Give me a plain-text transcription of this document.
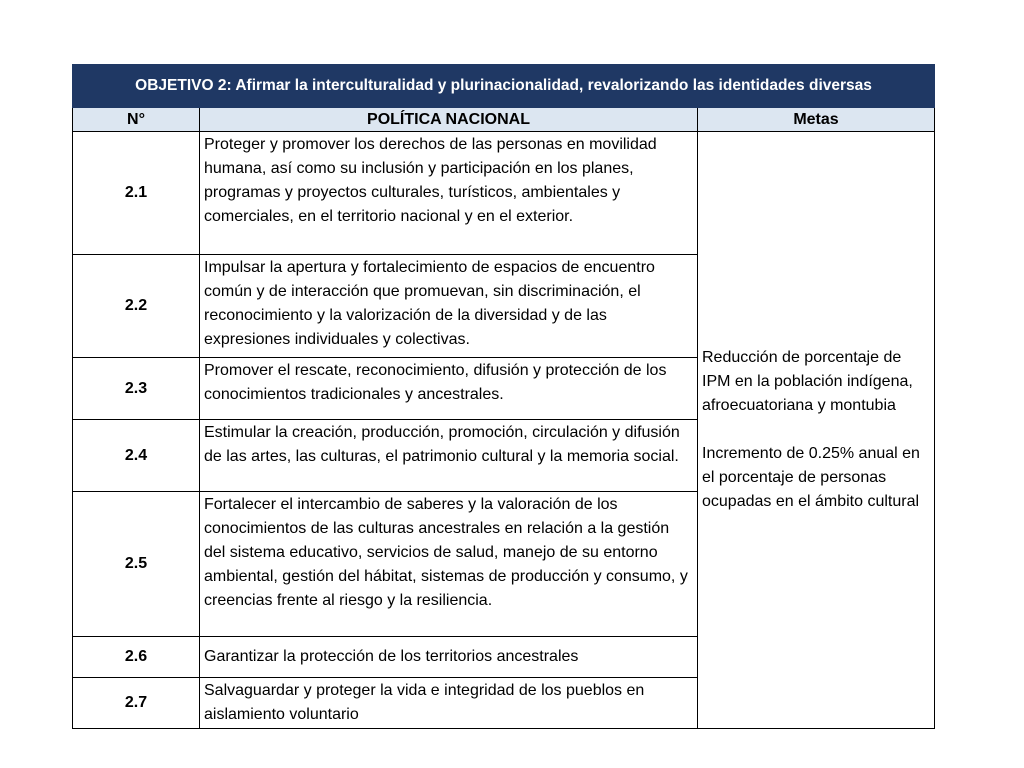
OBJETIVO 2: Afirmar la interculturalidad y plurinacionalidad, revalorizando las identidades diversas		
N°	POLÍTICA NACIONAL	Metas
2.1	Proteger y promover los derechos de las personas en movilidad humana, así como su inclusión y participación en los planes, programas y proyectos culturales, turísticos, ambientales y comerciales, en el territorio nacional y en el exterior.	Reducción de porcentaje de IPM en la población indígena, afroecuatoriana y montubia
Incremento de 0.25% anual en el porcentaje de personas ocupadas en el ámbito cultural

2.2	Impulsar la apertura y fortalecimiento de espacios de encuentro común y de interacción que promuevan, sin discriminación, el reconocimiento y la valorización de la diversidad y de las expresiones individuales y colectivas.	
2.3	Promover el rescate, reconocimiento, difusión y protección de los conocimientos tradicionales y ancestrales.	
2.4	Estimular la creación, producción, promoción, circulación y difusión de las artes, las culturas, el patrimonio cultural y la memoria social.	
2.5	Fortalecer el intercambio de saberes y la valoración de los conocimientos de las culturas ancestrales en relación a la gestión del sistema educativo, servicios de salud, manejo de su entorno ambiental, gestión del hábitat, sistemas de producción y consumo, y creencias frente al riesgo y la resiliencia.	
2.6	Garantizar la protección de los territorios ancestrales	
2.7	Salvaguardar y proteger la vida e integridad de los pueblos en aislamiento voluntario	
